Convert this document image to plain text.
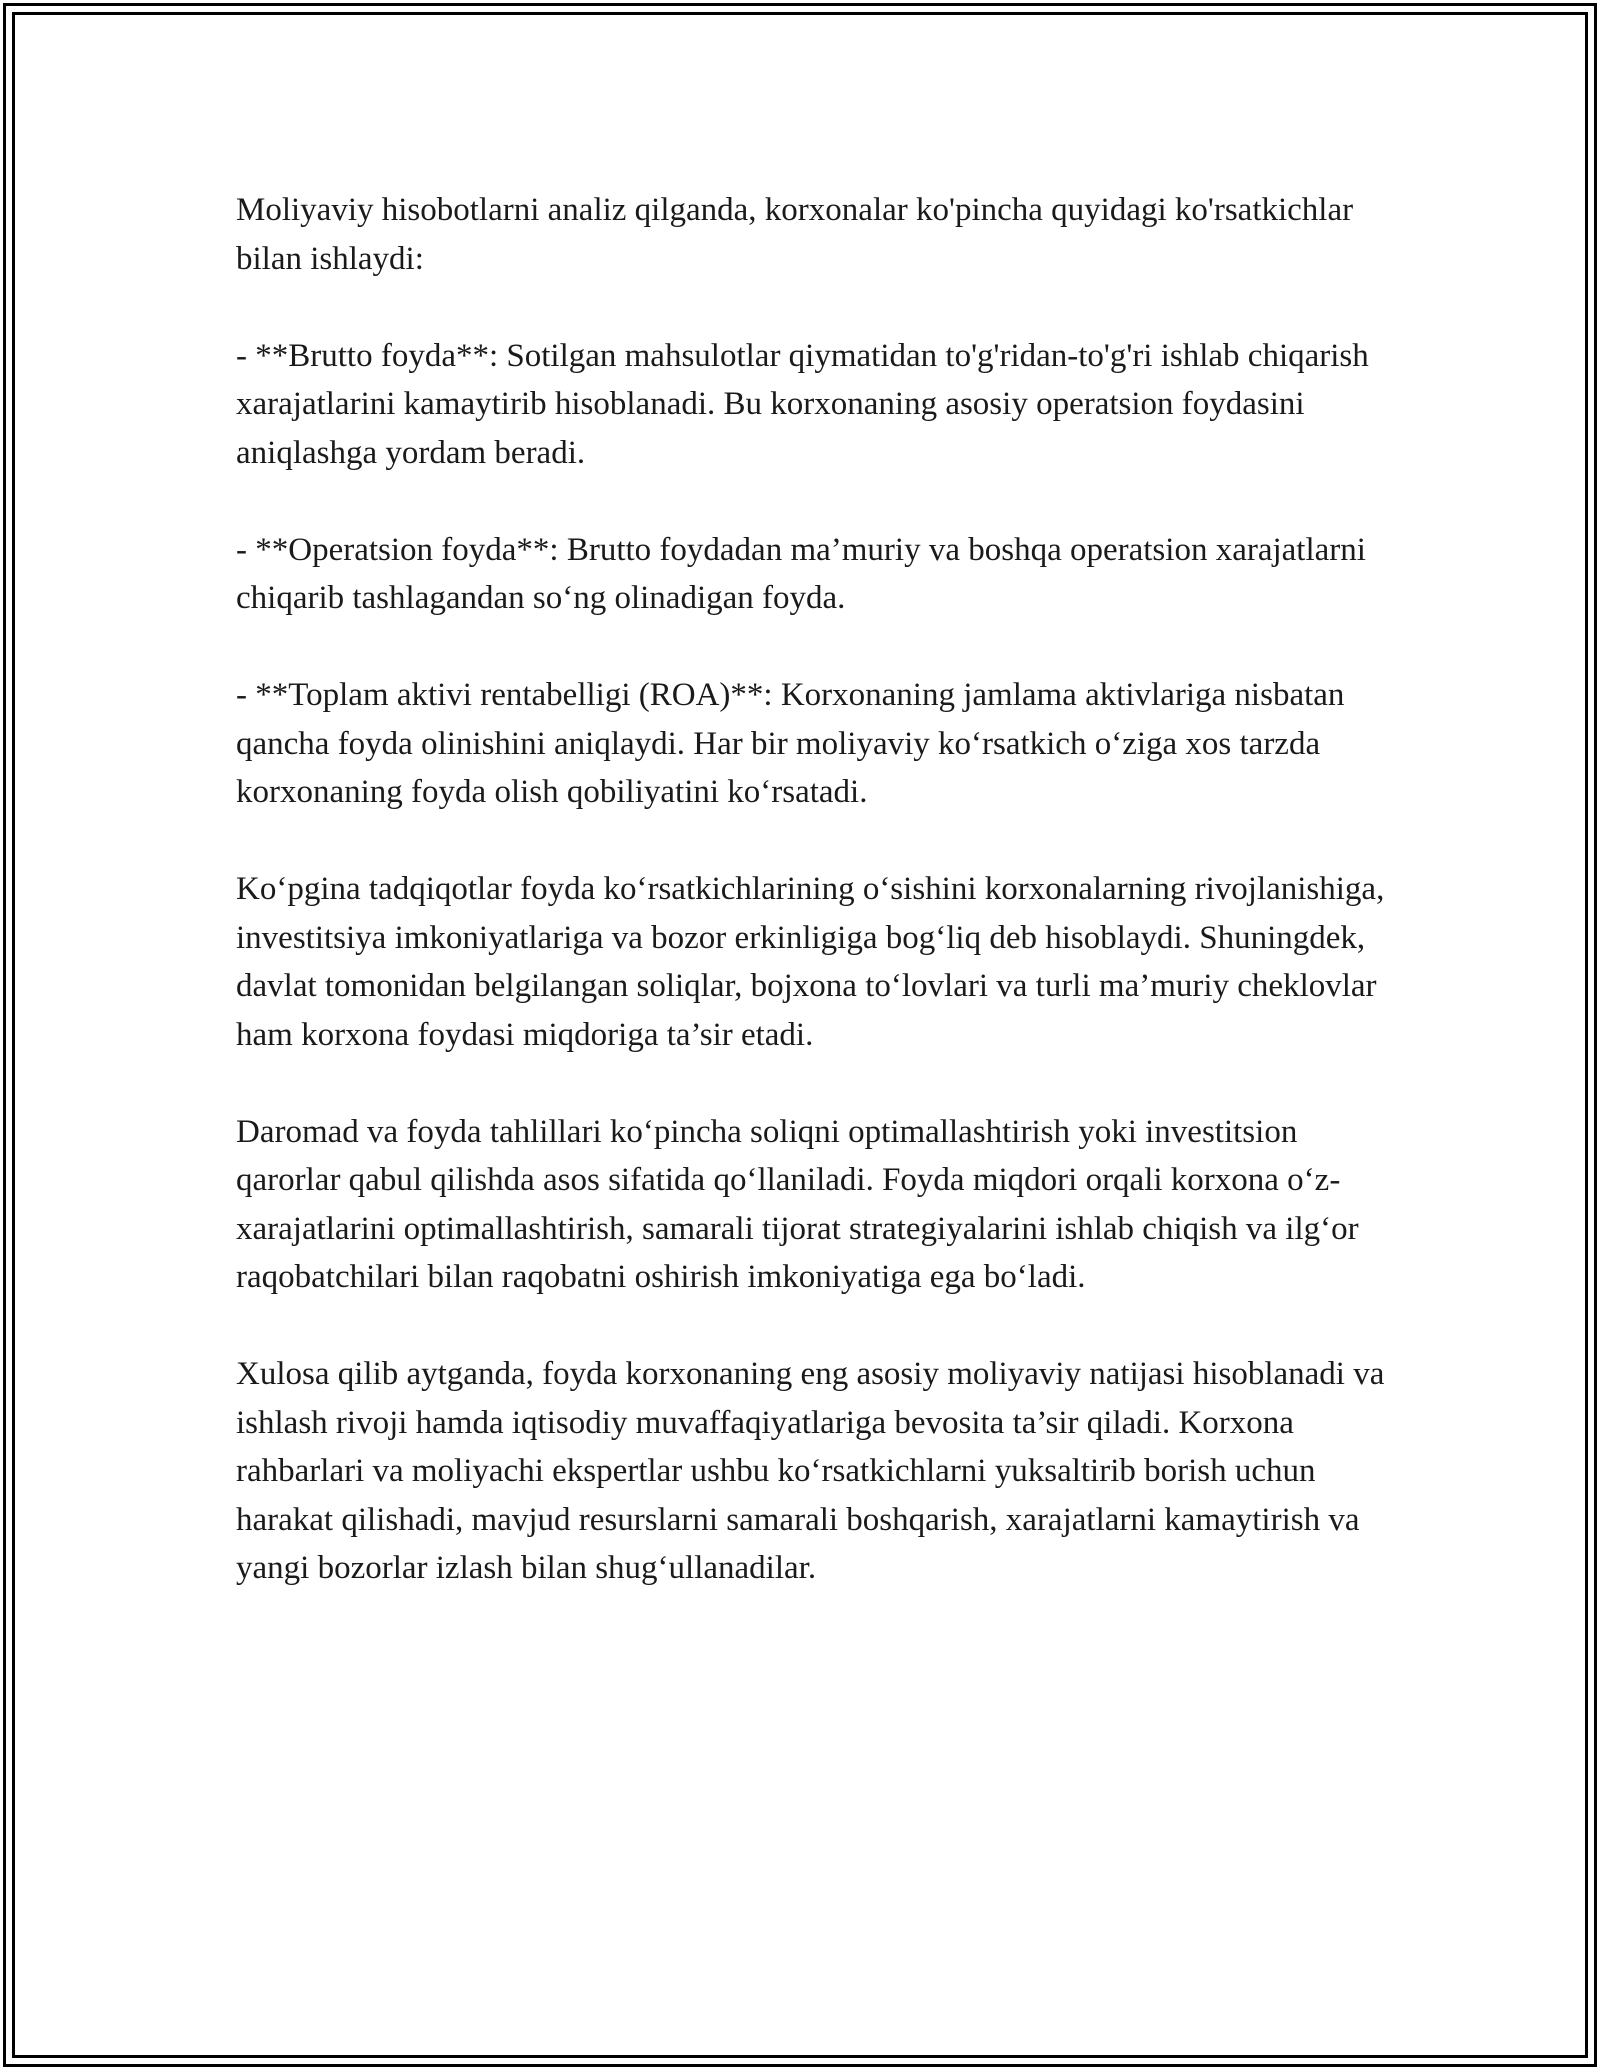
Moliyaviy hisobotlarni analiz qilganda, korxonalar ko'pincha quyidagi ko'rsatkichlar bilan ishlaydi:

- **Brutto foyda**: Sotilgan mahsulotlar qiymatidan to'g'ridan-to'g'ri ishlab chiqarish xarajatlarini kamaytirib hisoblanadi. Bu korxonaning asosiy operatsion foydasini aniqlashga yordam beradi.

- **Operatsion foyda**: Brutto foydadan ma’muriy va boshqa operatsion xarajatlarni chiqarib tashlagandan so‘ng olinadigan foyda.

- **Toplam aktivi rentabelligi (ROA)**: Korxonaning jamlama aktivlariga nisbatan qancha foyda olinishini aniqlaydi. Har bir moliyaviy ko‘rsatkich o‘ziga xos tarzda korxonaning foyda olish qobiliyatini ko‘rsatadi.

Ko‘pgina tadqiqotlar foyda ko‘rsatkichlarining o‘sishini korxonalarning rivojlanishiga, investitsiya imkoniyatlariga va bozor erkinligiga bog‘liq deb hisoblaydi. Shuningdek, davlat tomonidan belgilangan soliqlar, bojxona to‘lovlari va turli ma’muriy cheklovlar ham korxona foydasi miqdoriga ta’sir etadi.

Daromad va foyda tahlillari ko‘pincha soliqni optimallashtirish yoki investitsion qarorlar qabul qilishda asos sifatida qo‘llaniladi. Foyda miqdori orqali korxona o‘z-xarajatlarini optimallashtirish, samarali tijorat strategiyalarini ishlab chiqish va ilg‘or raqobatchilari bilan raqobatni oshirish imkoniyatiga ega bo‘ladi.

Xulosa qilib aytganda, foyda korxonaning eng asosiy moliyaviy natijasi hisoblanadi va ishlash rivoji hamda iqtisodiy muvaffaqiyatlariga bevosita ta’sir qiladi. Korxona rahbarlari va moliyachi ekspertlar ushbu ko‘rsatkichlarni yuksaltirib borish uchun harakat qilishadi, mavjud resurslarni samarali boshqarish, xarajatlarni kamaytirish va yangi bozorlar izlash bilan shug‘ullanadilar.
